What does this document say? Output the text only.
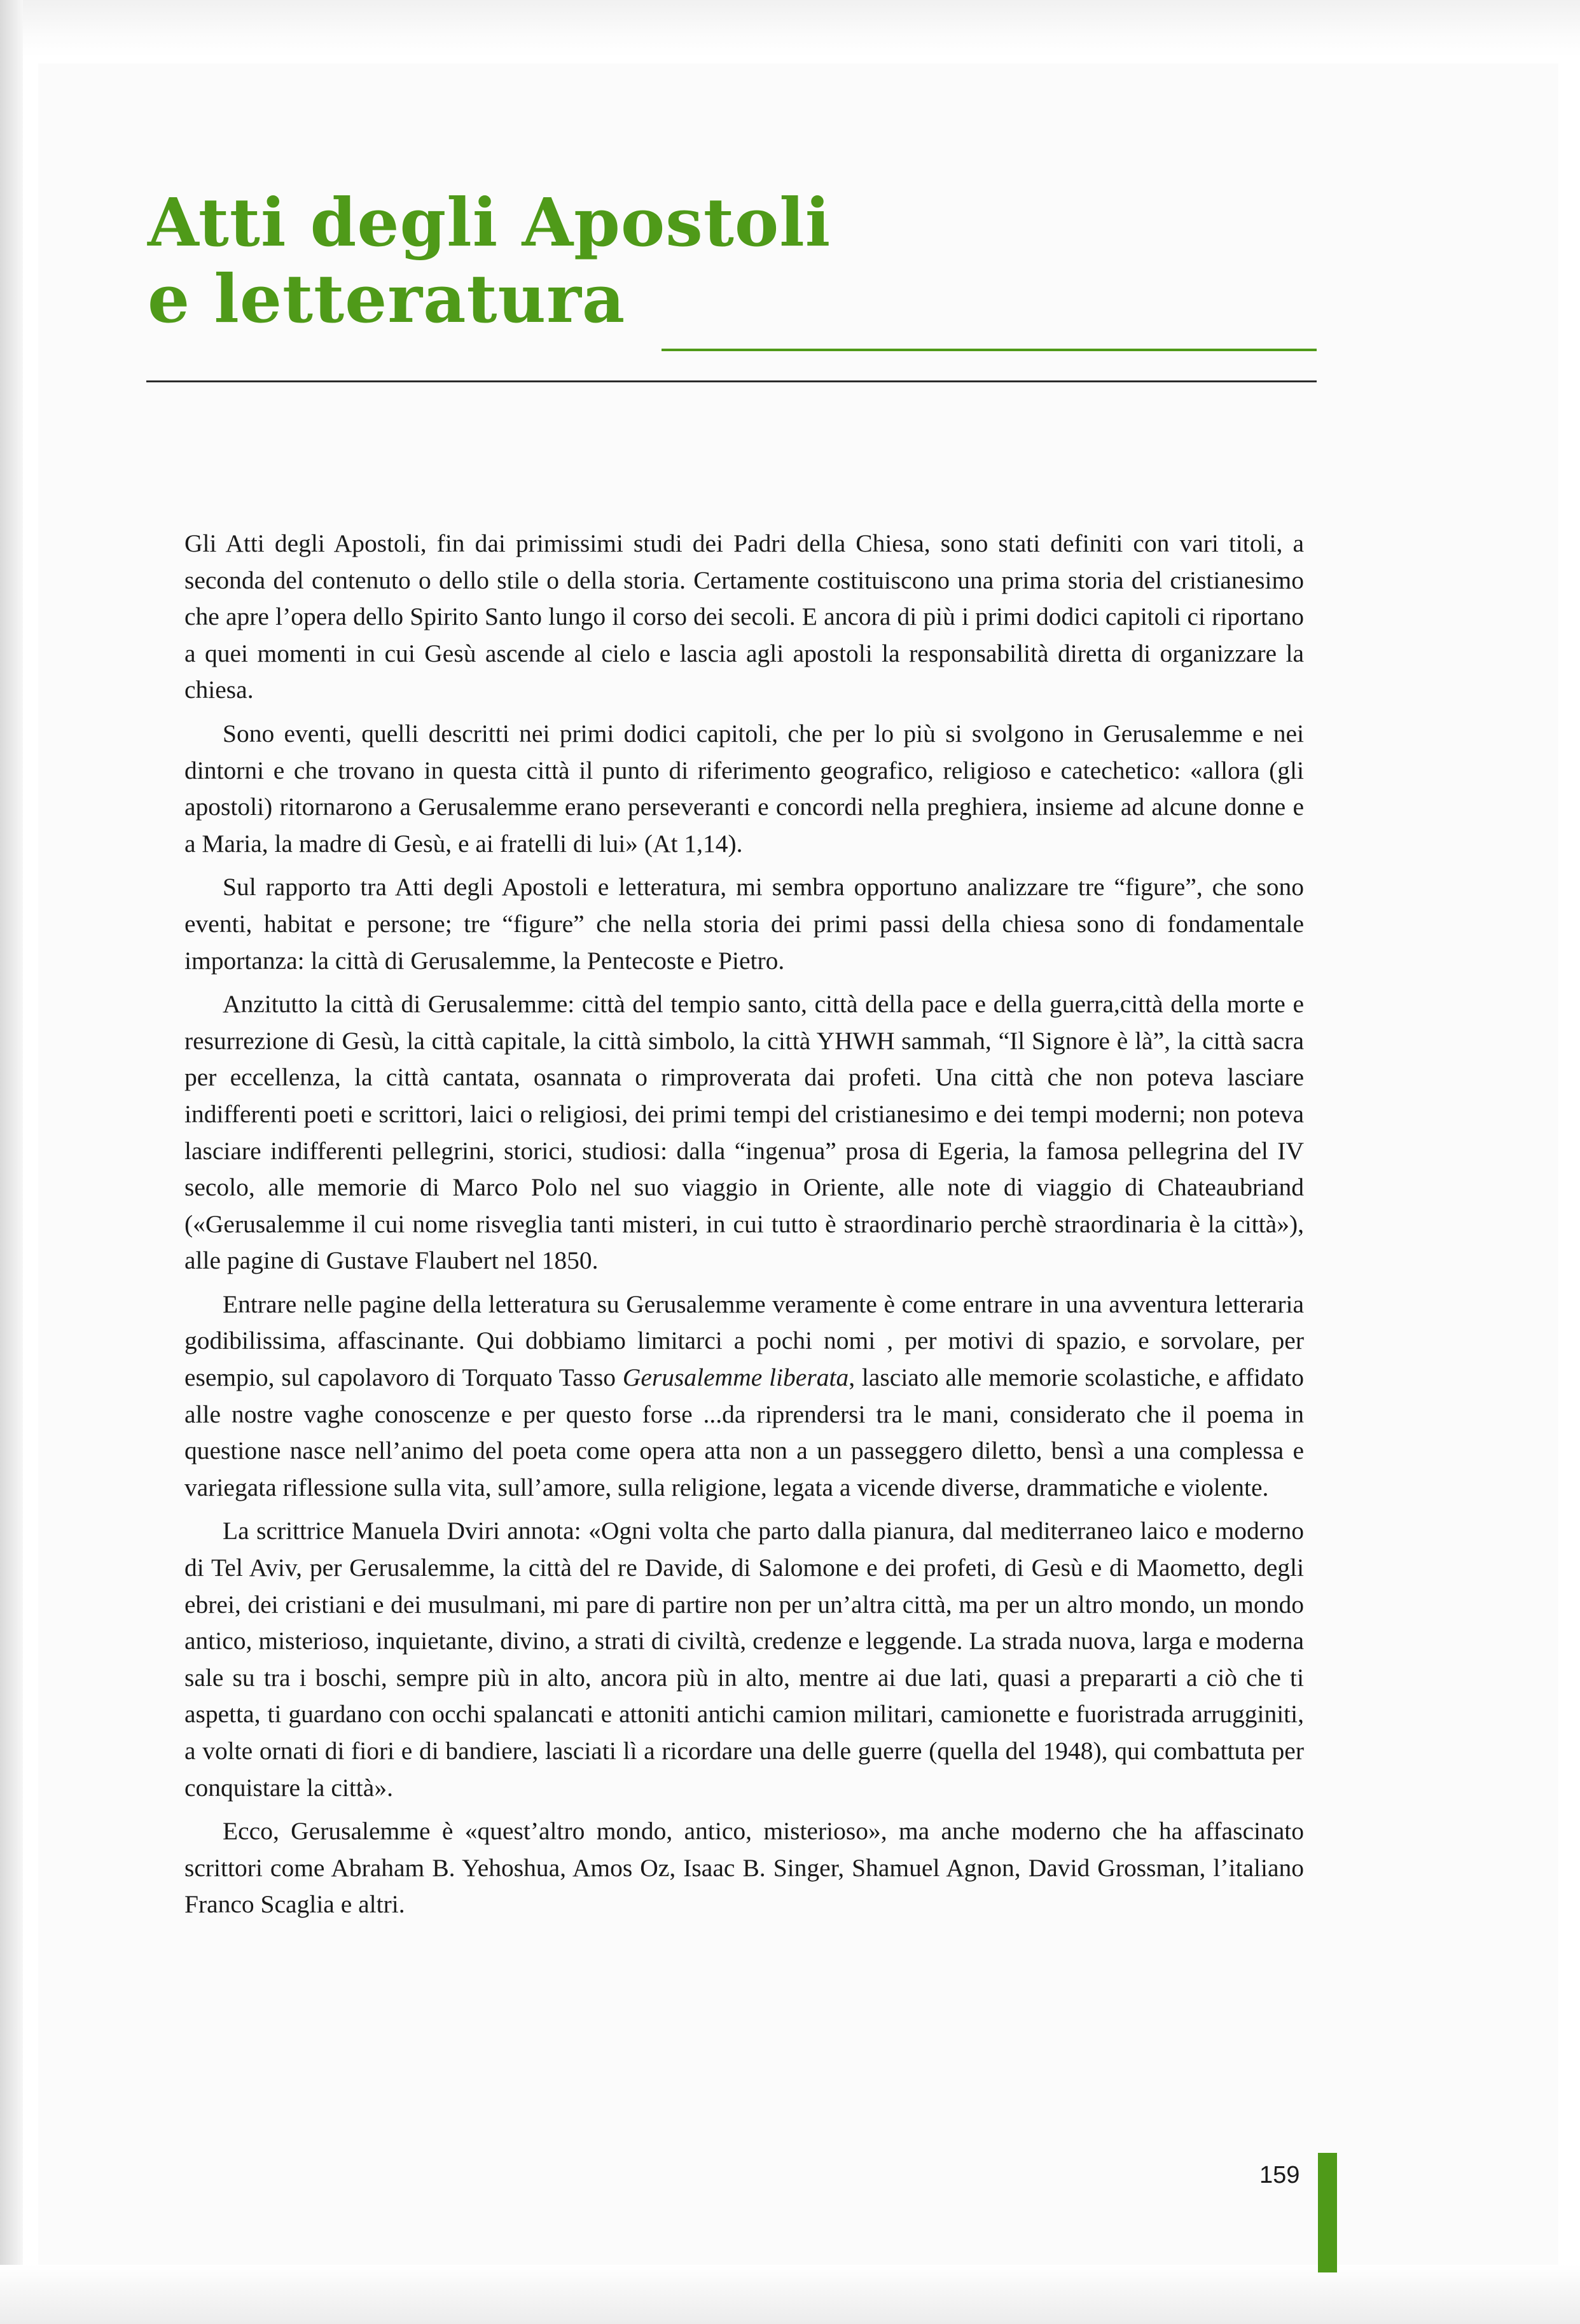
Atti degli Apostoli
e letteratura

Gli Atti degli Apostoli, fin dai primissimi studi dei Padri della Chiesa, sono stati definiti con vari titoli, a seconda del contenuto o dello stile o della storia. Certamente costituiscono una prima storia del cristianesimo che apre l’opera dello Spirito Santo lungo il corso dei secoli. E ancora di più i primi dodici capitoli ci riportano a quei momenti in cui Gesù ascende al cielo e lascia agli apostoli la responsabilità diretta di organizzare la chiesa.

Sono eventi, quelli descritti nei primi dodici capitoli, che per lo più si svolgono in Gerusalemme e nei dintorni e che trovano in questa città il punto di riferimento geografico, religioso e catechetico: «allora (gli apostoli) ritornarono a Gerusalemme erano perseveranti e concordi nella preghiera, insieme ad alcune donne e a Maria, la madre di Gesù, e ai fratelli di lui» (At 1,14).

Sul rapporto tra Atti degli Apostoli e letteratura, mi sembra opportuno analizzare tre “figure”, che sono eventi, habitat e persone; tre “figure” che nella storia dei primi passi della chiesa sono di fondamentale importanza: la città di Gerusalemme, la Pentecoste e Pietro.

Anzitutto la città di Gerusalemme: città del tempio santo, città della pace e della guerra,città della morte e resurrezione di Gesù, la città capitale, la città simbolo, la città YHWH sammah, “Il Signore è là”, la città sacra per eccellenza, la città cantata, osannata o rimproverata dai profeti. Una città che non poteva lasciare indifferenti poeti e scrittori, laici o religiosi, dei primi tempi del cristianesimo e dei tempi moderni; non poteva lasciare indifferenti pellegrini, storici, studiosi: dalla “ingenua” prosa di Egeria, la famosa pellegrina del IV secolo, alle memorie di Marco Polo nel suo viaggio in Oriente, alle note di viaggio di Chateaubriand («Gerusalemme il cui nome risveglia tanti misteri, in cui tutto è straordinario perchè straordinaria è la città»), alle pagine di Gustave Flaubert nel 1850.

Entrare nelle pagine della letteratura su Gerusalemme veramente è come entrare in una avventura letteraria godibilissima, affascinante. Qui dobbiamo limitarci a pochi nomi , per motivi di spazio, e sorvolare, per esempio, sul capolavoro di Torquato Tasso Gerusalemme liberata, lasciato alle memorie scolastiche, e affidato alle nostre vaghe conoscenze e per questo forse ...da riprendersi tra le mani, considerato che il poema in questione nasce nell’animo del poeta come opera atta non a un passeggero diletto, bensì a una complessa e variegata riflessione sulla vita, sull’amore, sulla religione, legata a vicende diverse, drammatiche e violente.

La scrittrice Manuela Dviri annota: «Ogni volta che parto dalla pianura, dal mediterraneo laico e moderno di Tel Aviv, per Gerusalemme, la città del re Davide, di Salomone e dei profeti, di Gesù e di Maometto, degli ebrei, dei cristiani e dei musulmani, mi pare di partire non per un’altra città, ma per un altro mondo, un mondo antico, misterioso, inquietante, divino, a strati di civiltà, credenze e leggende. La strada nuova, larga e moderna sale su tra i boschi, sempre più in alto, ancora più in alto, mentre ai due lati, quasi a prepararti a ciò che ti aspetta, ti guardano con occhi spalancati e attoniti antichi camion militari, camionette e fuoristrada arrugginiti, a volte ornati di fiori e di bandiere, lasciati lì a ricordare una delle guerre (quella del 1948), qui combattuta per conquistare la città».

Ecco, Gerusalemme è «quest’altro mondo, antico, misterioso», ma anche moderno che ha affascinato scrittori come Abraham B. Yehoshua, Amos Oz, Isaac B. Singer, Shamuel Agnon, David Grossman, l’italiano Franco Scaglia e altri.

159
